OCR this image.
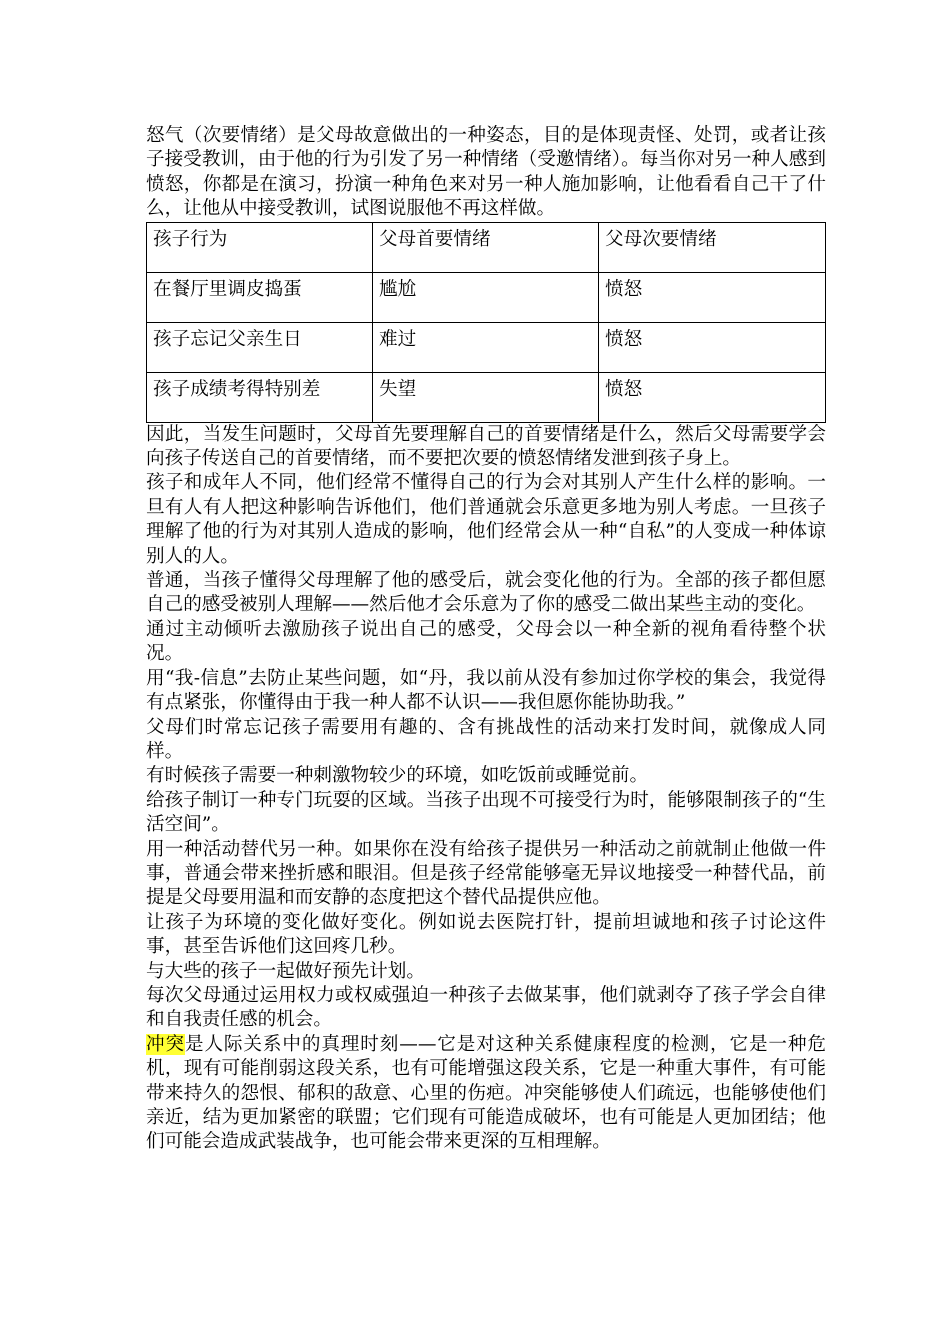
怒气（次要情绪）是父母故意做出的一种姿态，目的是体现责怪、处罚，或者让孩子接受教训，由于他的行为引发了另一种情绪（受邀情绪）。每当你对另一种人感到愤怒，你都是在演习，扮演一种角色来对另一种人施加影响，让他看看自己干了什么，让他从中接受教训，试图说服他不再这样做。

孩子行为	父母首要情绪	父母次要情绪
在餐厅里调皮捣蛋	尴尬	愤怒
孩子忘记父亲生日	难过	愤怒
孩子成绩考得特别差	失望	愤怒

因此，当发生问题时，父母首先要理解自己的首要情绪是什么，然后父母需要学会向孩子传送自己的首要情绪，而不要把次要的愤怒情绪发泄到孩子身上。

孩子和成年人不同，他们经常不懂得自己的行为会对其别人产生什么样的影响。一旦有人有人把这种影响告诉他们，他们普通就会乐意更多地为别人考虑。一旦孩子理解了他的行为对其别人造成的影响，他们经常会从一种“自私”的人变成一种体谅别人的人。

普通，当孩子懂得父母理解了他的感受后，就会变化他的行为。全部的孩子都但愿自己的感受被别人理解——然后他才会乐意为了你的感受二做出某些主动的变化。

通过主动倾听去激励孩子说出自己的感受，父母会以一种全新的视角看待整个状况。

用“我-信息”去防止某些问题，如“丹，我以前从没有参加过你学校的集会，我觉得有点紧张，你懂得由于我一种人都不认识——我但愿你能协助我。”

父母们时常忘记孩子需要用有趣的、含有挑战性的活动来打发时间，就像成人同样。

有时候孩子需要一种刺激物较少的环境，如吃饭前或睡觉前。

给孩子制订一种专门玩耍的区域。当孩子出现不可接受行为时，能够限制孩子的“生活空间”。

用一种活动替代另一种。如果你在没有给孩子提供另一种活动之前就制止他做一件事，普通会带来挫折感和眼泪。但是孩子经常能够毫无异议地接受一种替代品，前提是父母要用温和而安静的态度把这个替代品提供应他。

让孩子为环境的变化做好变化。例如说去医院打针，提前坦诚地和孩子讨论这件事，甚至告诉他们这回疼几秒。

与大些的孩子一起做好预先计划。

每次父母通过运用权力或权威强迫一种孩子去做某事，他们就剥夺了孩子学会自律和自我责任感的机会。

冲突是人际关系中的真理时刻——它是对这种关系健康程度的检测，它是一种危机，现有可能削弱这段关系，也有可能增强这段关系，它是一种重大事件，有可能带来持久的怨恨、郁积的敌意、心里的伤疤。冲突能够使人们疏远，也能够使他们亲近，结为更加紧密的联盟；它们现有可能造成破坏，也有可能是人更加团结；他们可能会造成武装战争，也可能会带来更深的互相理解。
